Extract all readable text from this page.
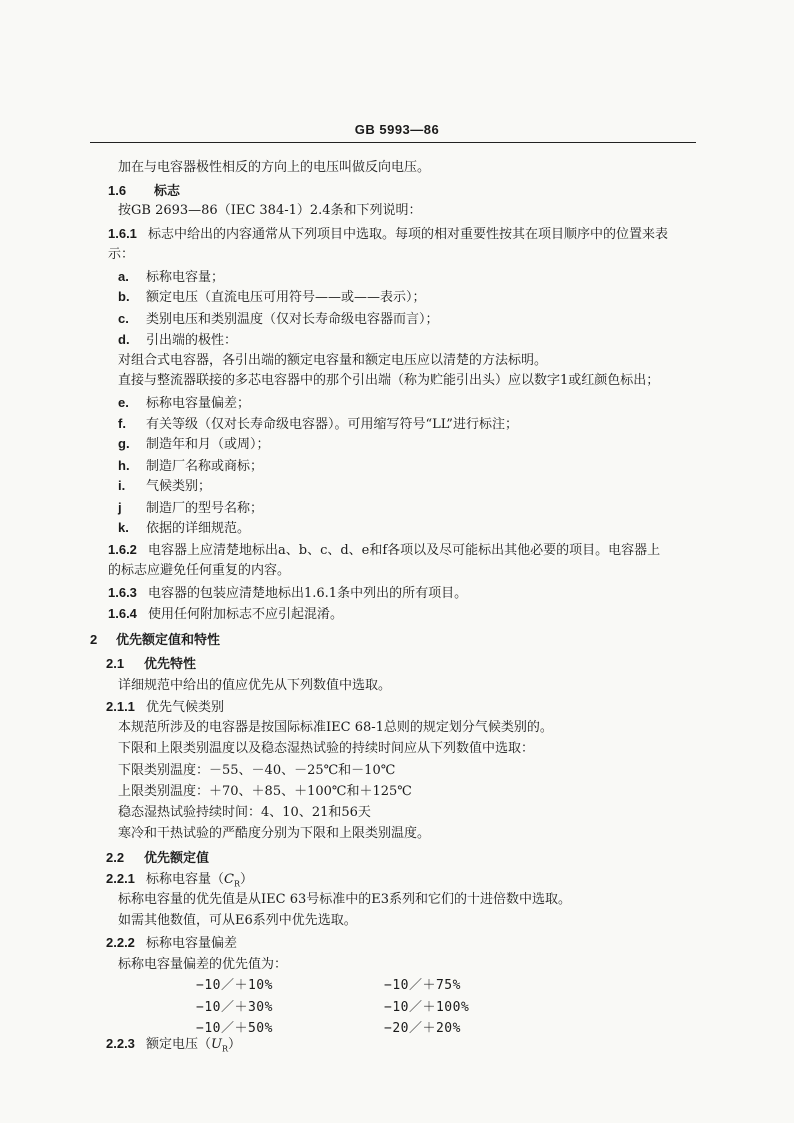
GB 5993—86
加在与电容器极性相反的方向上的电压叫做反向电压。
1.6 标志
按GB 2693—86（IEC 384-1）2.4条和下列说明：
1.6.1 标志中给出的内容通常从下列项目中选取。每项的相对重要性按其在项目顺序中的位置来表
示：
a. 标称电容量；
b. 额定电压（直流电压可用符号——或——表示）；
c. 类别电压和类别温度（仅对长寿命级电容器而言）；
d. 引出端的极性：
对组合式电容器，各引出端的额定电容量和额定电压应以清楚的方法标明。
直接与整流器联接的多芯电容器中的那个引出端（称为贮能引出头）应以数字1或红颜色标出；
e. 标称电容量偏差；
f. 有关等级（仅对长寿命级电容器）。可用缩写符号“LL”进行标注；
g. 制造年和月（或周）；
h. 制造厂名称或商标；
i. 气候类别；
j 制造厂的型号名称；
k. 依据的详细规范。
1.6.2 电容器上应清楚地标出a、b、c、d、e和f各项以及尽可能标出其他必要的项目。电容器上
的标志应避免任何重复的内容。
1.6.3 电容器的包装应清楚地标出1.6.1条中列出的所有项目。
1.6.4 使用任何附加标志不应引起混淆。
2 优先额定值和特性
2.1 优先特性
详细规范中给出的值应优先从下列数值中选取。
2.1.1 优先气候类别
本规范所涉及的电容器是按国际标准IEC 68-1总则的规定划分气候类别的。
下限和上限类别温度以及稳态湿热试验的持续时间应从下列数值中选取：
下限类别温度：－55、－40、－25℃和－10℃
上限类别温度：＋70、＋85、＋100℃和＋125℃
稳态湿热试验持续时间：4、10、21和56天
寒冷和干热试验的严酷度分别为下限和上限类别温度。
2.2 优先额定值
2.2.1 标称电容量$(C_R)$
标称电容量的优先值是从IEC 63号标准中的E3系列和它们的十进倍数中选取。
如需其他数值，可从E6系列中优先选取。
2.2.2 标称电容量偏差
标称电容量偏差的优先值为：
2.2.3 额定电压$(U_R)$
−10／＋10%
−10／＋30%
−10／＋50%
−10／＋75%
−10／＋100%
−20／＋20%
